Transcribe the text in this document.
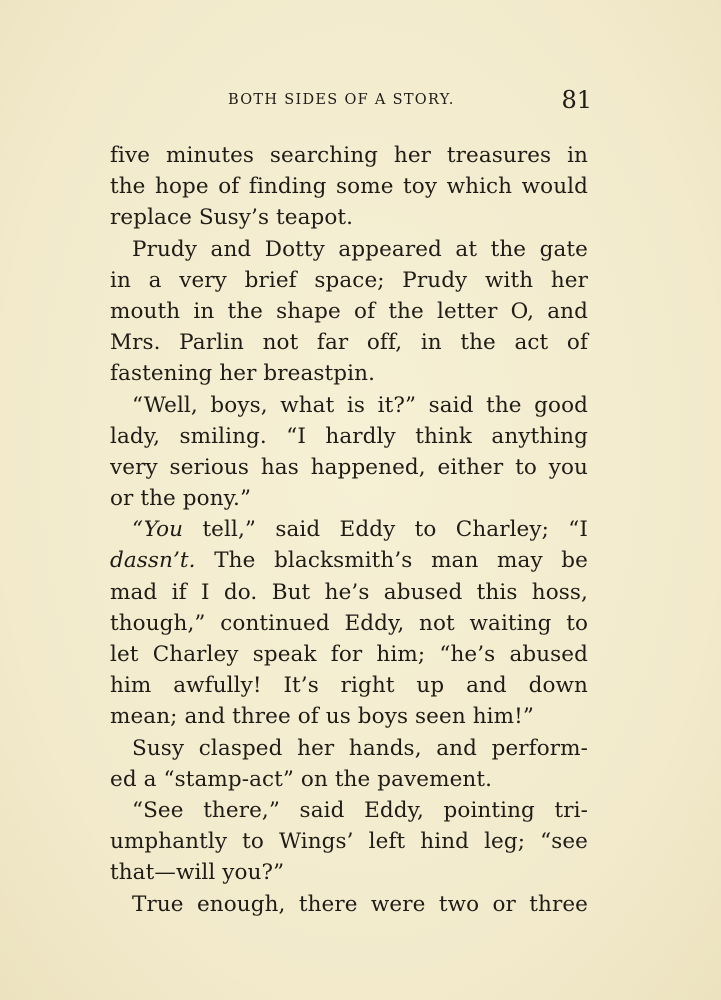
BOTH SIDES OF A STORY.	81
five minutes searching her treasures in
the hope of finding some toy which would
replace Susy’s teapot.
Prudy and Dotty appeared at the gate
in a very brief space; Prudy with her
mouth in the shape of the letter O, and
Mrs. Parlin not far off, in the act of
fastening her breastpin.
“Well, boys, what is it?” said the good
lady, smiling. “I hardly think anything
very serious has happened, either to you
or the pony.”
“You tell,” said Eddy to Charley; “I
dassn’t. The blacksmith’s man may be
mad if I do. But he’s abused this hoss,
though,” continued Eddy, not waiting to
let Charley speak for him; “he’s abused
him awfully! It’s right up and down
mean; and three of us boys seen him!”
Susy clasped her hands, and perform-
ed a “stamp-act” on the pavement.
“See there,” said Eddy, pointing tri-
umphantly to Wings’ left hind leg; “see
that—will you?”
True enough, there were two or three
